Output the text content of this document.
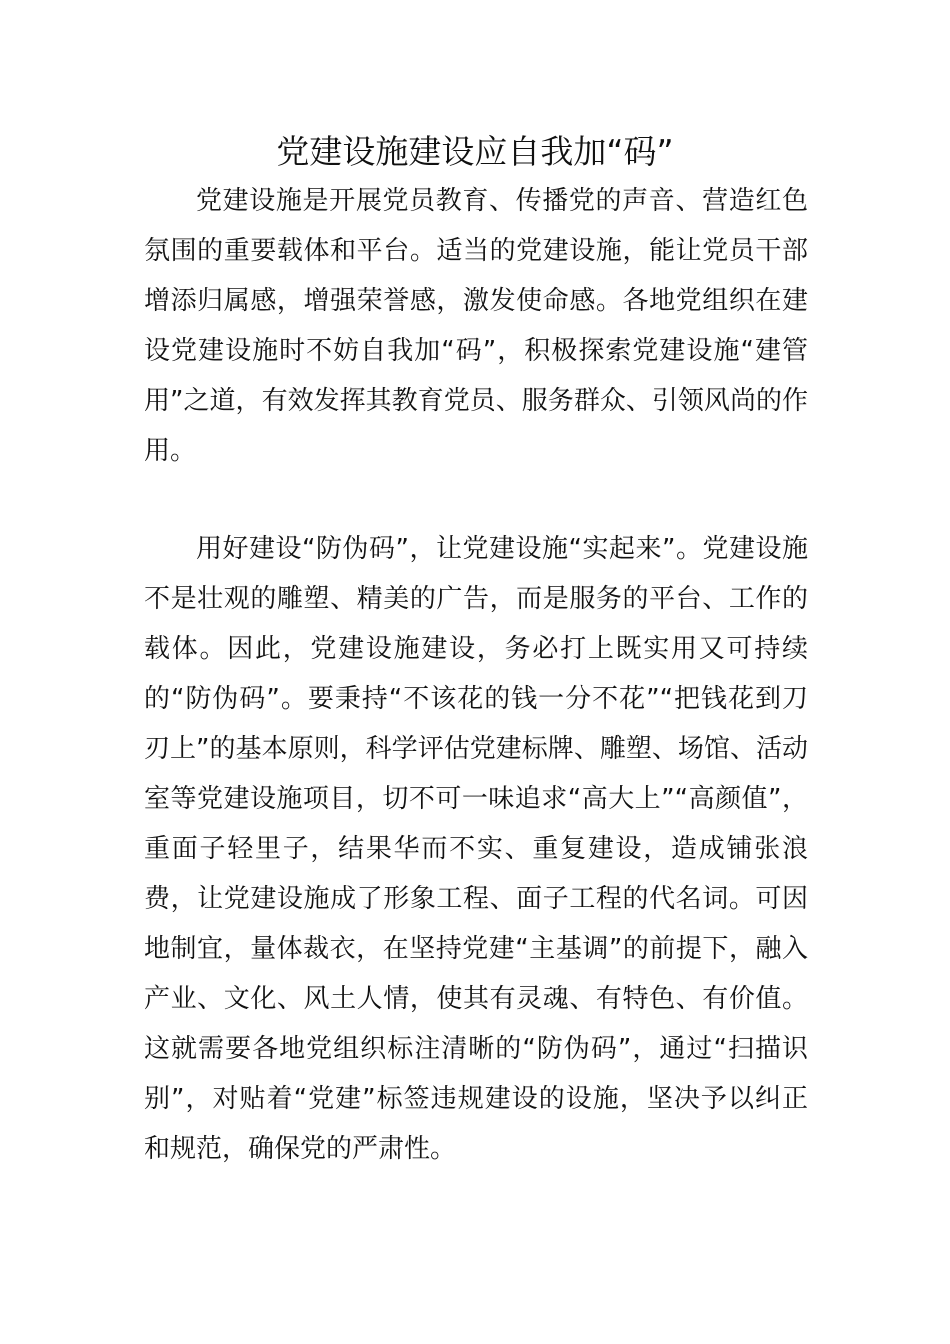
党建设施建设应自我加“码”

党建设施是开展党员教育、传播党的声音、营造红色氛围的重要载体和平台。适当的党建设施，能让党员干部增添归属感，增强荣誉感，激发使命感。各地党组织在建设党建设施时不妨自我加“码”，积极探索党建设施“建管用”之道，有效发挥其教育党员、服务群众、引领风尚的作用。

用好建设“防伪码”，让党建设施“实起来”。党建设施不是壮观的雕塑、精美的广告，而是服务的平台、工作的载体。因此，党建设施建设，务必打上既实用又可持续的“防伪码”。要秉持“不该花的钱一分不花”“把钱花到刀刃上”的基本原则，科学评估党建标牌、雕塑、场馆、活动室等党建设施项目，切不可一味追求“高大上”“高颜值”，重面子轻里子，结果华而不实、重复建设，造成铺张浪费，让党建设施成了形象工程、面子工程的代名词。可因地制宜，量体裁衣，在坚持党建“主基调”的前提下，融入产业、文化、风土人情，使其有灵魂、有特色、有价值。这就需要各地党组织标注清晰的“防伪码”，通过“扫描识别”，对贴着“党建”标签违规建设的设施，坚决予以纠正和规范，确保党的严肃性。
